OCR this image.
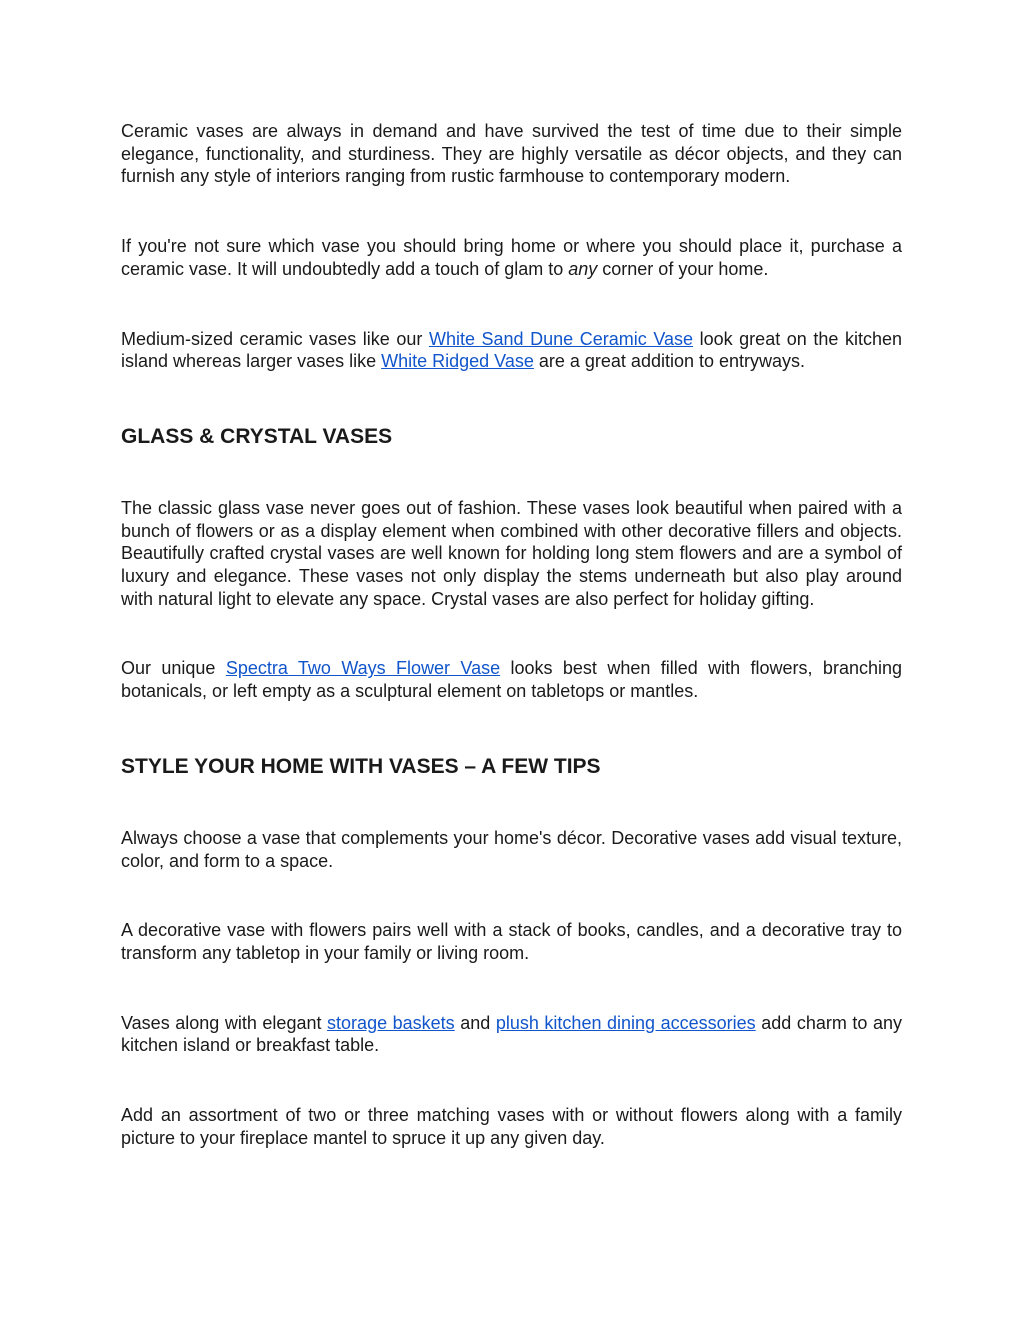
Ceramic vases are always in demand and have survived the test of time due to their simple elegance, functionality, and sturdiness. They are highly versatile as décor objects, and they can furnish any style of interiors ranging from rustic farmhouse to contemporary modern.

If you're not sure which vase you should bring home or where you should place it, purchase a ceramic vase. It will undoubtedly add a touch of glam to any corner of your home.

Medium-sized ceramic vases like our White Sand Dune Ceramic Vase look great on the kitchen island whereas larger vases like White Ridged Vase are a great addition to entryways.

GLASS & CRYSTAL VASES

The classic glass vase never goes out of fashion. These vases look beautiful when paired with a bunch of flowers or as a display element when combined with other decorative fillers and objects. Beautifully crafted crystal vases are well known for holding long stem flowers and are a symbol of luxury and elegance. These vases not only display the stems underneath but also play around with natural light to elevate any space. Crystal vases are also perfect for holiday gifting.

Our unique Spectra Two Ways Flower Vase looks best when filled with flowers, branching botanicals, or left empty as a sculptural element on tabletops or mantles.

STYLE YOUR HOME WITH VASES – A FEW TIPS

Always choose a vase that complements your home's décor. Decorative vases add visual texture, color, and form to a space.

A decorative vase with flowers pairs well with a stack of books, candles, and a decorative tray to transform any tabletop in your family or living room.

Vases along with elegant storage baskets and plush kitchen dining accessories add charm to any kitchen island or breakfast table.

Add an assortment of two or three matching vases with or without flowers along with a family picture to your fireplace mantel to spruce it up any given day.
